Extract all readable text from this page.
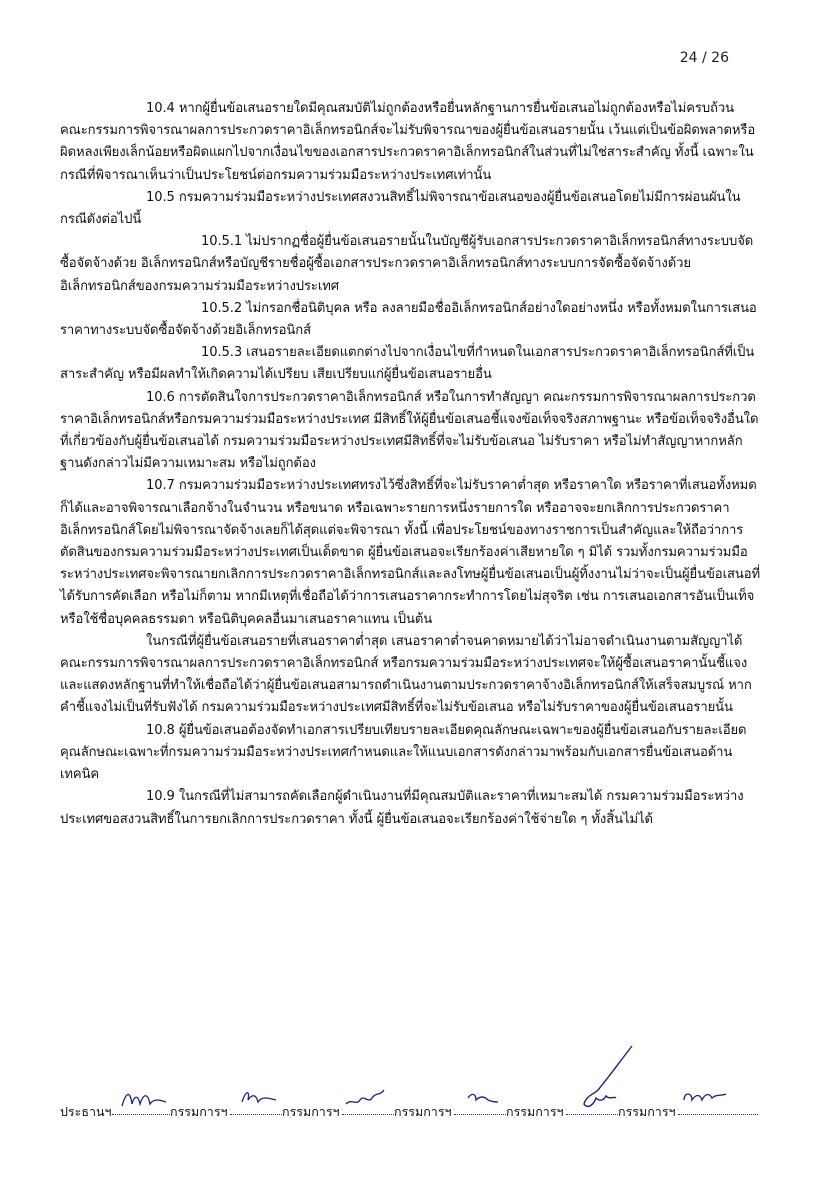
24 / 26

10.4 หากผู้ยื่นข้อเสนอรายใดมีคุณสมบัติไม่ถูกต้องหรือยื่นหลักฐานการยื่นข้อเสนอไม่ถูกต้องหรือไม่ครบถ้วน คณะกรรมการพิจารณาผลการประกวดราคาอิเล็กทรอนิกส์จะไม่รับพิจารณาของผู้ยื่นข้อเสนอรายนั้น เว้นแต่เป็นข้อผิดพลาดหรือผิดหลงเพียงเล็กน้อยหรือผิดแผกไปจากเงื่อนไขของเอกสารประกวดราคาอิเล็กทรอนิกส์ในส่วนที่ไม่ใช่สาระสำคัญ ทั้งนี้ เฉพาะในกรณีที่พิจารณาเห็นว่าเป็นประโยชน์ต่อกรมความร่วมมือระหว่างประเทศเท่านั้น

10.5 กรมความร่วมมือระหว่างประเทศสงวนสิทธิ์ไม่พิจารณาข้อเสนอของผู้ยื่นข้อเสนอโดยไม่มีการผ่อนผันในกรณีดังต่อไปนี้

10.5.1 ไม่ปรากฏชื่อผู้ยื่นข้อเสนอรายนั้นในบัญชีผู้รับเอกสารประกวดราคาอิเล็กทรอนิกส์ทางระบบจัดซื้อจัดจ้างด้วย อิเล็กทรอนิกส์หรือบัญชีรายชื่อผู้ซื้อเอกสารประกวดราคาอิเล็กทรอนิกส์ทางระบบการจัดซื้อจัดจ้างด้วยอิเล็กทรอนิกส์ของกรมความร่วมมือระหว่างประเทศ

10.5.2 ไม่กรอกชื่อนิติบุคล หรือ ลงลายมือชื่ออิเล็กทรอนิกส์อย่างใดอย่างหนึ่ง หรือทั้งหมดในการเสนอราคาทางระบบจัดซื้อจัดจ้างด้วยอิเล็กทรอนิกส์

10.5.3 เสนอรายละเอียดแตกต่างไปจากเงื่อนไขที่กำหนดในเอกสารประกวดราคาอิเล็กทรอนิกส์ที่เป็นสาระสำคัญ หรือมีผลทำให้เกิดความได้เปรียบ เสียเปรียบแก่ผู้ยื่นข้อเสนอรายอื่น

10.6 การตัดสินใจการประกวดราคาอิเล็กทรอนิกส์ หรือในการทำสัญญา คณะกรรมการพิจารณาผลการประกวดราคาอิเล็กทรอนิกส์หรือกรมความร่วมมือระหว่างประเทศ มีสิทธิ์ให้ผู้ยื่นข้อเสนอชี้แจงข้อเท็จจริงสภาพฐานะ หรือข้อเท็จจริงอื่นใดที่เกี่ยวข้องกับผู้ยื่นข้อเสนอได้ กรมความร่วมมือระหว่างประเทศมีสิทธิ์ที่จะไม่รับข้อเสนอ ไม่รับราคา หรือไม่ทำสัญญาหากหลักฐานดังกล่าวไม่มีความเหมาะสม หรือไม่ถูกต้อง

10.7 กรมความร่วมมือระหว่างประเทศทรงไว้ซึ่งสิทธิ์ที่จะไม่รับราคาต่ำสุด หรือราคาใด หรือราคาที่เสนอทั้งหมดก็ได้และอาจพิจารณาเลือกจ้างในจำนวน หรือขนาด หรือเฉพาะรายการหนึ่งรายการใด หรืออาจจะยกเลิกการประกวดราคาอิเล็กทรอนิกส์โดยไม่พิจารณาจัดจ้างเลยก็ได้สุดแต่จะพิจารณา ทั้งนี้ เพื่อประโยชน์ของทางราชการเป็นสำคัญและให้ถือว่าการตัดสินของกรมความร่วมมือระหว่างประเทศเป็นเด็ดขาด ผู้ยื่นข้อเสนอจะเรียกร้องค่าเสียหายใด ๆ มิได้ รวมทั้งกรมความร่วมมือระหว่างประเทศจะพิจารณายกเลิกการประกวดราคาอิเล็กทรอนิกส์และลงโทษผู้ยื่นข้อเสนอเป็นผู้ทิ้งงานไม่ว่าจะเป็นผู้ยื่นข้อเสนอที่ได้รับการคัดเลือก หรือไม่ก็ตาม หากมีเหตุที่เชื่อถือได้ว่าการเสนอราคากระทำการโดยไม่สุจริต เช่น การเสนอเอกสารอันเป็นเท็จ หรือใช้ชื่อบุคคลธรรมดา หรือนิติบุคคลอื่นมาเสนอราคาแทน เป็นต้น

ในกรณีที่ผู้ยื่นข้อเสนอรายที่เสนอราคาต่ำสุด เสนอราคาต่ำจนคาดหมายได้ว่าไม่อาจดำเนินงานตามสัญญาได้ คณะกรรมการพิจารณาผลการประกวดราคาอิเล็กทรอนิกส์ หรือกรมความร่วมมือระหว่างประเทศจะให้ผู้ซื้อเสนอราคานั้นชี้แจงและแสดงหลักฐานที่ทำให้เชื่อถือได้ว่าผู้ยื่นข้อเสนอสามารถดำเนินงานตามประกวดราคาจ้างอิเล็กทรอนิกส์ให้เสร็จสมบูรณ์ หากคำชี้แจงไม่เป็นที่รับฟังได้ กรมความร่วมมือระหว่างประเทศมีสิทธิ์ที่จะไม่รับข้อเสนอ หรือไม่รับราคาของผู้ยื่นข้อเสนอรายนั้น

10.8 ผู้ยื่นข้อเสนอต้องจัดทำเอกสารเปรียบเทียบรายละเอียดคุณลักษณะเฉพาะของผู้ยื่นข้อเสนอกับรายละเอียดคุณลักษณะเฉพาะที่กรมความร่วมมือระหว่างประเทศกำหนดและให้แนบเอกสารดังกล่าวมาพร้อมกับเอกสารยื่นข้อเสนอด้านเทคนิค

10.9 ในกรณีที่ไม่สามารถคัดเลือกผู้ดำเนินงานที่มีคุณสมบัติและราคาที่เหมาะสมได้ กรมความร่วมมือระหว่างประเทศขอสงวนสิทธิ์ในการยกเลิกการประกวดราคา ทั้งนี้ ผู้ยื่นข้อเสนอจะเรียกร้องค่าใช้จ่ายใด ๆ ทั้งสิ้นไม่ได้

ประธานฯ	กรรมการฯ	กรรมการฯ	กรรมการฯ	กรรมการฯ	กรรมการฯ
